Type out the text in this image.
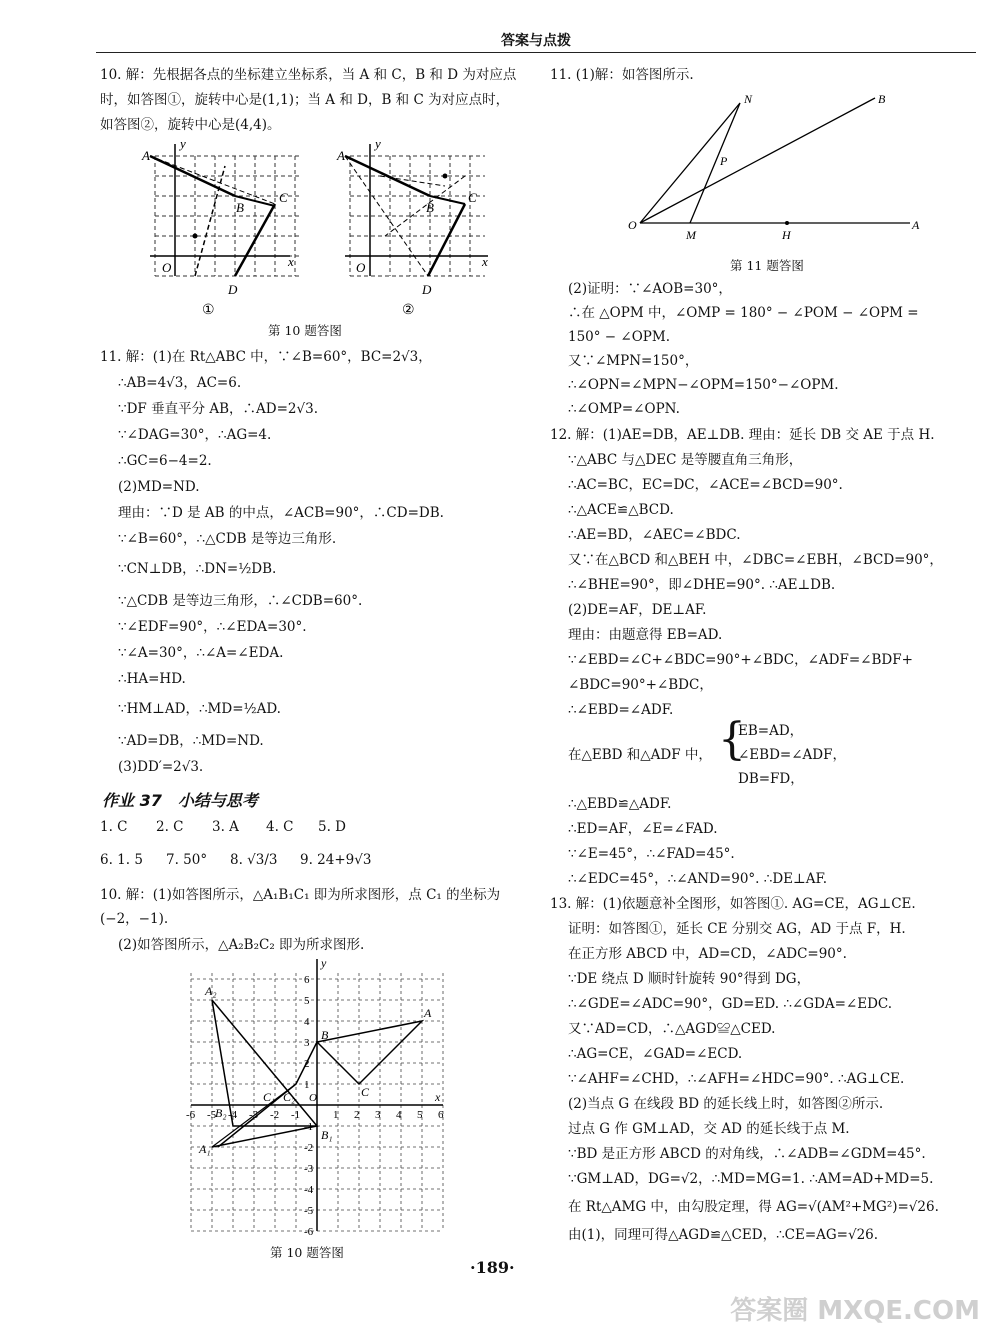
答案与点拨
10. 解：先根据各点的坐标建立坐标系，当 A 和 C，B 和 D 为对应点
时，如答图①，旋转中心是(1,1)；当 A 和 D，B 和 C 为对应点时，
如答图②，旋转中心是(4,4)。
A
B
C
D
O	x
y
①
A
B
C
D
O	x
y
②
第 10 题答图
11. 解：(1)在 Rt△ABC 中，∵∠B=60°，BC=2√3，
∴AB=4√3，AC=6.
∵DF 垂直平分 AB，∴AD=2√3.
∵∠DAG=30°，∴AG=4.
∴GC=6−4=2.
(2)MD=ND.
理由：∵D 是 AB 的中点，∠ACB=90°，∴CD=DB.
∵∠B=60°，∴△CDB 是等边三角形.
∵CN⊥DB，∴DN=½DB.
∵△CDB 是等边三角形，∴∠CDB=60°.
∵∠EDF=90°，∴∠EDA=30°.
∵∠A=30°，∴∠A=∠EDA.
∴HA=HD.
∵HM⊥AD，∴MD=½AD.
∵AD=DB，∴MD=ND.
(3)DD′=2√3.
作业 37　小结与思考
1. C 2. C 3. A 4. C 5. D
6. 1. 5 7. 50° 8. √3/3 9. 24+9√3
10. 解：(1)如答图所示，△A₁B₁C₁ 即为所求图形，点 C₁ 的坐标为
(−2，−1).
(2)如答图所示，△A₂B₂C₂ 即为所求图形.
B
A
C
A₂
B₂
C₁ C₂
B₁
A₁
O	x
y
-6 -5 -4 -3 -2 -1	1 2 3 4 5 6
6
5
4
3
2
1
-1
-2
-3
-4
-5
-6
第 10 题答图
11. (1)解：如答图所示.
N	B
P
O
M	H
A
第 11 题答图
(2)证明：∵∠AOB=30°，
∴在 △OPM 中，∠OMP = 180° − ∠POM − ∠OPM =
150° − ∠OPM.
又∵∠MPN=150°，
∴∠OPN=∠MPN−∠OPM=150°−∠OPM.
∴∠OMP=∠OPN.
12. 解：(1)AE=DB，AE⊥DB. 理由：延长 DB 交 AE 于点 H.
∵△ABC 与△DEC 是等腰直角三角形，
∴AC=BC，EC=DC，∠ACE=∠BCD=90°.
∴△ACE≌△BCD.
∴AE=BD，∠AEC=∠BDC.
又∵在△BCD 和△BEH 中，∠DBC=∠EBH，∠BCD=90°，
∴∠BHE=90°，即∠DHE=90°. ∴AE⊥DB.
(2)DE=AF，DE⊥AF.
理由：由题意得 EB=AD.
∵∠EBD=∠C+∠BDC=90°+∠BDC，∠ADF=∠BDF+
∠BDC=90°+∠BDC，
∴∠EBD=∠ADF.
在△EBD 和△ADF 中， {
EB=AD，
∠EBD=∠ADF，
DB=FD，
∴△EBD≌△ADF.
∴ED=AF，∠E=∠FAD.
∵∠E=45°，∴∠FAD=45°.
∴∠EDC=45°，∴∠AND=90°. ∴DE⊥AF.
13. 解：(1)依题意补全图形，如答图①. AG=CE，AG⊥CE.
证明：如答图①，延长 CE 分别交 AG，AD 于点 F，H.
在正方形 ABCD 中，AD=CD，∠ADC=90°.
∵DE 绕点 D 顺时针旋转 90°得到 DG，
∴∠GDE=∠ADC=90°，GD=ED. ∴∠GDA=∠EDC.
又∵AD=CD，∴△AGD≌△CED.
∴AG=CE，∠GAD=∠ECD.
∵∠AHF=∠CHD，∴∠AFH=∠HDC=90°. ∴AG⊥CE.
(2)当点 G 在线段 BD 的延长线上时，如答图②所示.
过点 G 作 GM⊥AD，交 AD 的延长线于点 M.
∵BD 是正方形 ABCD 的对角线，∴∠ADB=∠GDM=45°.
∵GM⊥AD，DG=√2，∴MD=MG=1. ∴AM=AD+MD=5.
在 Rt△AMG 中，由勾股定理，得 AG=√(AM²+MG²)=√26.
由(1)，同理可得△AGD≌△CED，∴CE=AG=√26.
·189·
答案圈 MXQE.COM
